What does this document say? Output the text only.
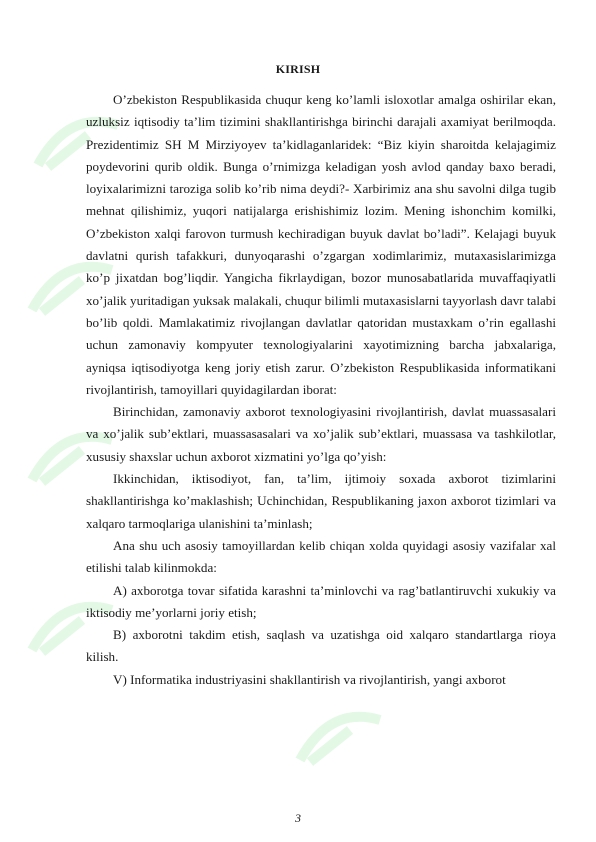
KIRISH

O’zbekiston Respublikasida chuqur keng ko’lamli isloxotlar amalga oshirilar ekan, uzluksiz iqtisodiy ta’lim tizimini shakllantirishga birinchi darajali axamiyat berilmoqda. Prezidentimiz SH M Mirziyoyev ta’kidlaganlaridek: “Biz kiyin sharoitda kelajagimiz poydevorini qurib oldik. Bunga o’rnimizga keladigan yosh avlod qanday baxo beradi, loyixalarimizni taroziga solib ko’rib nima deydi?- Xarbirimiz ana shu savolni dilga tugib mehnat qilishimiz, yuqori natijalarga erishishimiz lozim. Mening ishonchim komilki, O’zbekiston xalqi farovon turmush kechiradigan buyuk davlat bo’ladi”. Kelajagi buyuk davlatni qurish tafakkuri, dunyoqarashi o’zgargan xodimlarimiz, mutaxasislarimizga ko’p jixatdan bog’liqdir. Yangicha fikrlaydigan, bozor munosabatlarida muvaffaqiyatli xo’jalik yuritadigan yuksak malakali, chuqur bilimli mutaxasislarni tayyorlash davr talabi bo’lib qoldi. Mamlakatimiz rivojlangan davlatlar qatoridan mustaxkam o’rin egallashi uchun zamonaviy kompyuter texnologiyalarini xayotimizning barcha jabxalariga, ayniqsa iqtisodiyotga keng joriy etish zarur. O’zbekiston Respublikasida informatikani rivojlantirish, tamoyillari quyidagilardan iborat:

Birinchidan, zamonaviy axborot texnologiyasini rivojlantirish, davlat muassasalari va xo’jalik sub’ektlari, muassasasalari va xo’jalik sub’ektlari, muassasa va tashkilotlar, xususiy shaxslar uchun axborot xizmatini yo’lga qo’yish:

Ikkinchidan, iktisodiyot, fan, ta’lim, ijtimoiy soxada axborot tizimlarini shakllantirishga ko’maklashish; Uchinchidan, Respublikaning jaxon axborot tizimlari va xalqaro tarmoqlariga ulanishini ta’minlash;

Ana shu uch asosiy tamoyillardan kelib chiqan xolda quyidagi asosiy vazifalar xal etilishi talab kilinmokda:

A) axborotga tovar sifatida karashni ta’minlovchi va rag’batlantiruvchi xukukiy va iktisodiy me’yorlarni joriy etish;

B) axborotni takdim etish, saqlash va uzatishga oid xalqaro standartlarga rioya kilish.

V) Informatika industriyasini shakllantirish va rivojlantirish, yangi axborot

3
